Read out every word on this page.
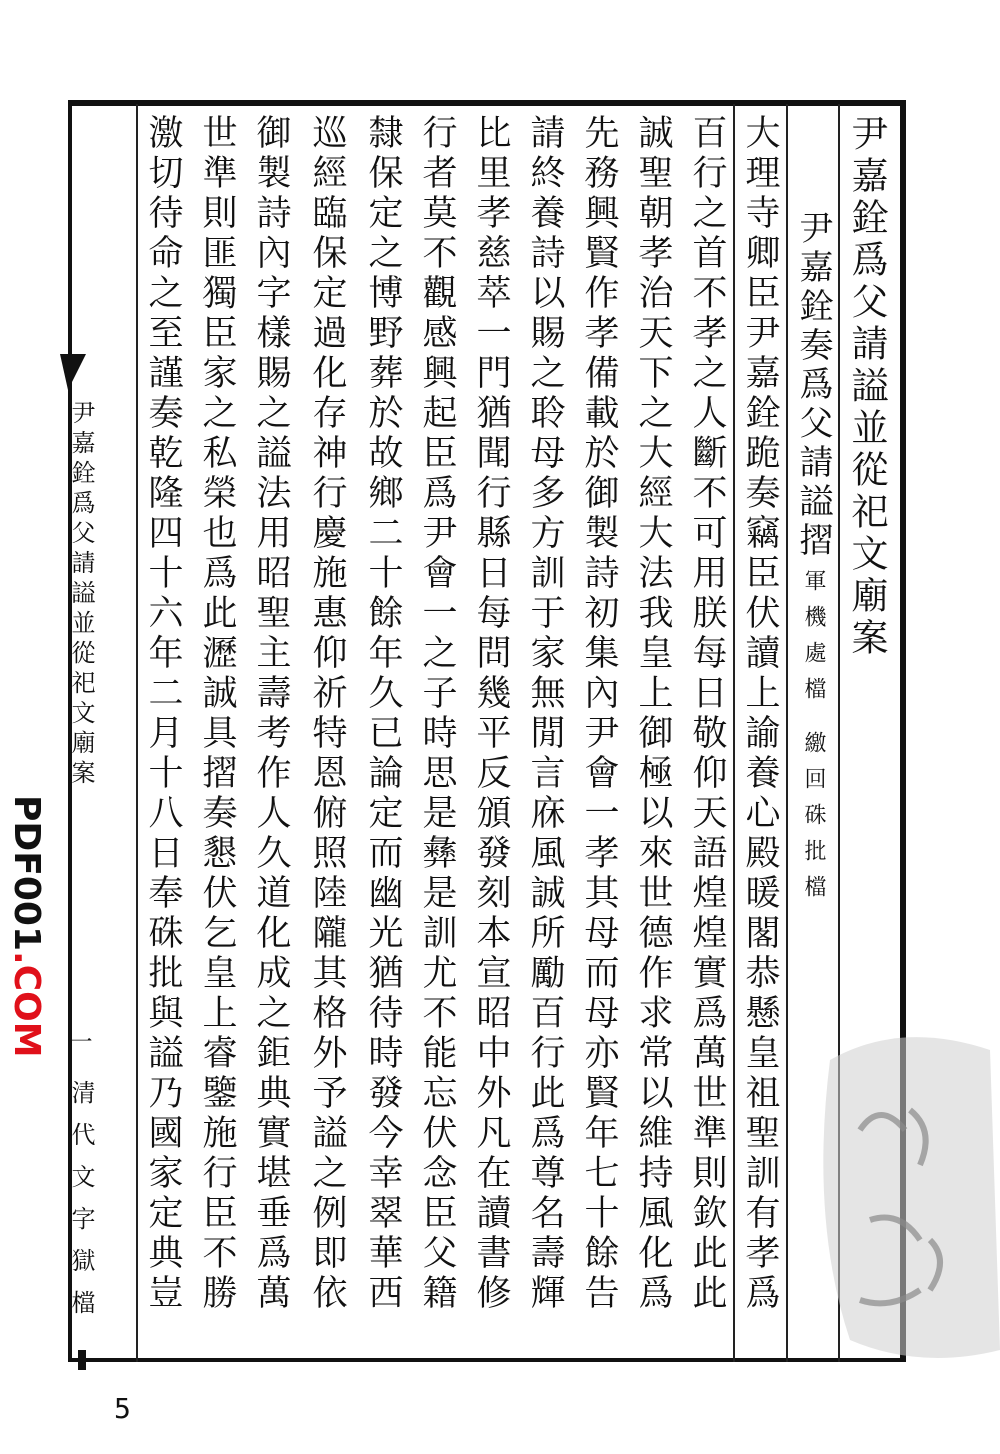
尹嘉銓爲父請謚並從祀文廟案
尹嘉銓奏爲父請謚摺
軍機處檔
繳回硃批檔
大理寺卿臣尹嘉銓跪奏竊臣伏讀上諭養心殿暖閣恭懸皇祖聖訓有孝爲
百行之首不孝之人斷不可用朕每日敬仰天語煌煌實爲萬世準則欽此此
誠聖朝孝治天下之大經大法我皇上御極以來世德作求常以維持風化爲
先務興賢作孝備載於御製詩初集內尹會一孝其母而母亦賢年七十餘告
請終養詩以賜之聆母多方訓于家無閒言庥風誠所勵百行此爲尊名壽輝
比里孝慈萃一門猶聞行縣日每問幾平反頒發刻本宣昭中外凡在讀書修
行者莫不觀感興起臣爲尹會一之子時思是彝是訓尤不能忘伏念臣父籍
隸保定之博野葬於故鄉二十餘年久已論定而幽光猶待時發今幸翠華西
巡經臨保定過化存神行慶施惠仰祈特恩俯照陸隴其格外予謚之例即依
御製詩內字樣賜之謚法用昭聖主壽考作人久道化成之鉅典實堪垂爲萬
世準則匪獨臣家之私榮也爲此瀝誠具摺奏懇伏乞皇上睿鑒施行臣不勝
激切待命之至謹奏乾隆四十六年二月十八日奉硃批與謚乃國家定典豈
尹嘉銓爲父請謚並從祀文廟案
一
清代文字獄檔
PDF001.COM
5
